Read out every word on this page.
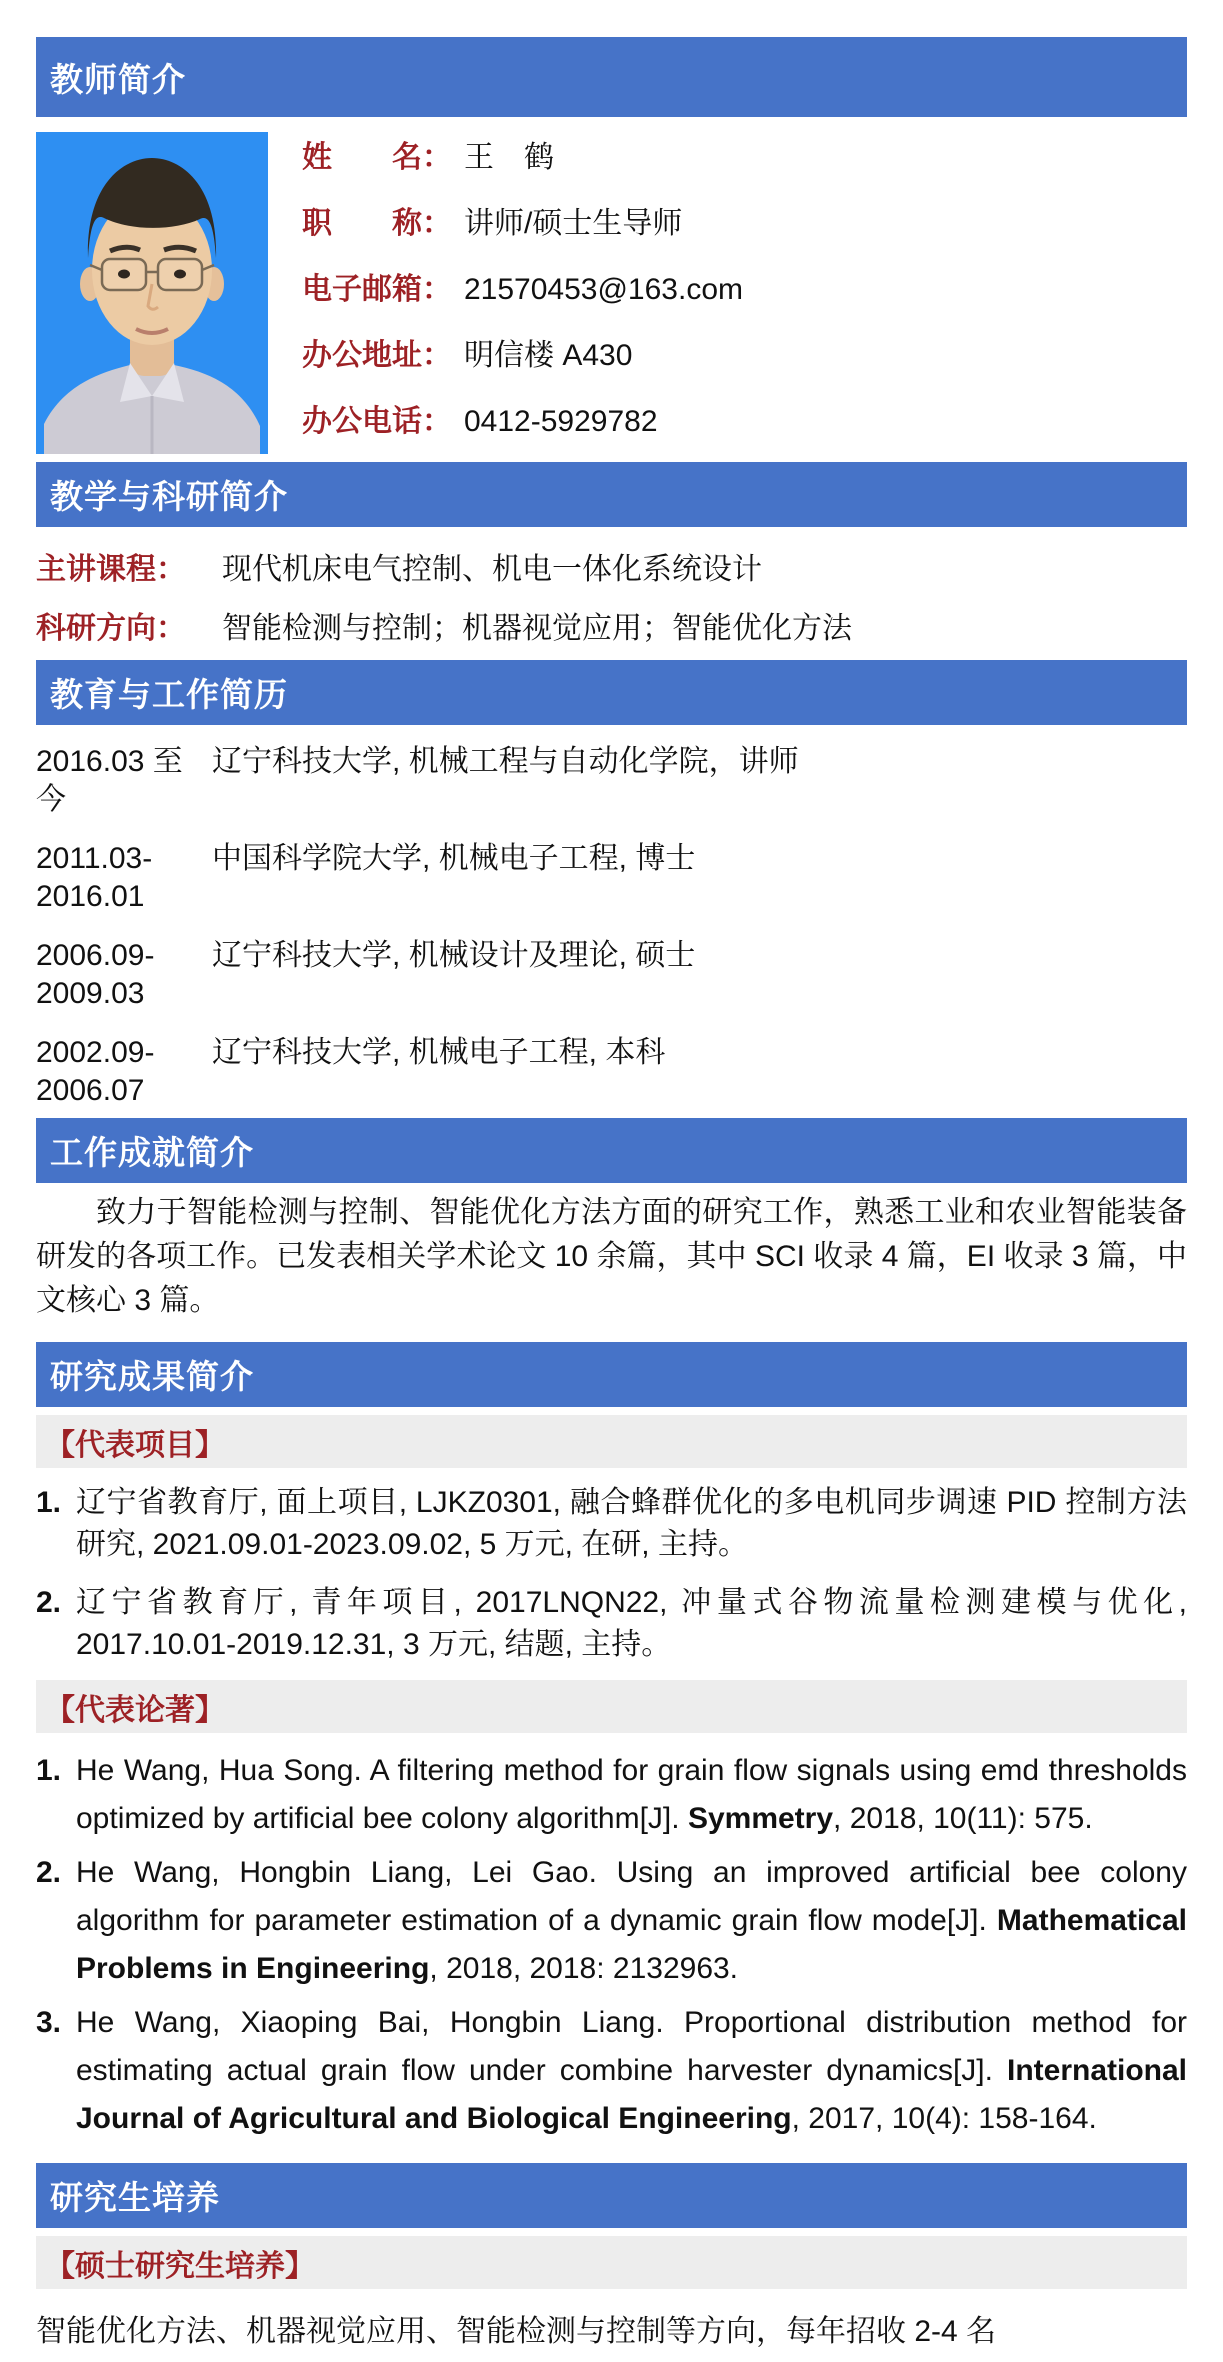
教师简介
姓　　名： 王　鹤
职　　称： 讲师/硕士生导师
电子邮箱： 21570453@163.com
办公地址： 明信楼 A430
办公电话： 0412-5929782
教学与科研简介
主讲课程： 现代机床电气控制、机电一体化系统设计
科研方向： 智能检测与控制；机器视觉应用；智能优化方法
教育与工作简历
2016.03 至今
辽宁科技大学, 机械工程与自动化学院，讲师
2011.03-2016.01
中国科学院大学, 机械电子工程, 博士
2006.09-2009.03
辽宁科技大学, 机械设计及理论, 硕士
2002.09-2006.07
辽宁科技大学, 机械电子工程, 本科
工作成就简介

致力于智能检测与控制、智能优化方法方面的研究工作，熟悉工业和农业智能装备研发的各项工作。已发表相关学术论文 10 余篇，其中 SCI 收录 4 篇，EI 收录 3 篇，中文核心 3 篇。

研究成果简介
【代表项目】
1. 辽宁省教育厅, 面上项目, LJKZ0301, 融合蜂群优化的多电机同步调速 PID 控制方法研究, 2021.09.01-2023.09.02, 5 万元, 在研, 主持。
2. 辽宁省教育厅, 青年项目, 2017LNQN22, 冲量式谷物流量检测建模与优化, 2017.10.01-2019.12.31, 3 万元, 结题, 主持。
【代表论著】
1. He Wang, Hua Song. A filtering method for grain flow signals using emd thresholds optimized by artificial bee colony algorithm[J]. Symmetry, 2018, 10(11): 575.
2. He Wang, Hongbin Liang, Lei Gao. Using an improved artificial bee colony algorithm for parameter estimation of a dynamic grain flow mode[J]. Mathematical Problems in Engineering, 2018, 2018: 2132963.
3. He Wang, Xiaoping Bai, Hongbin Liang. Proportional distribution method for estimating actual grain flow under combine harvester dynamics[J]. International Journal of Agricultural and Biological Engineering, 2017, 10(4): 158-164.
研究生培养
【硕士研究生培养】

智能优化方法、机器视觉应用、智能检测与控制等方向，每年招收 2-4 名
